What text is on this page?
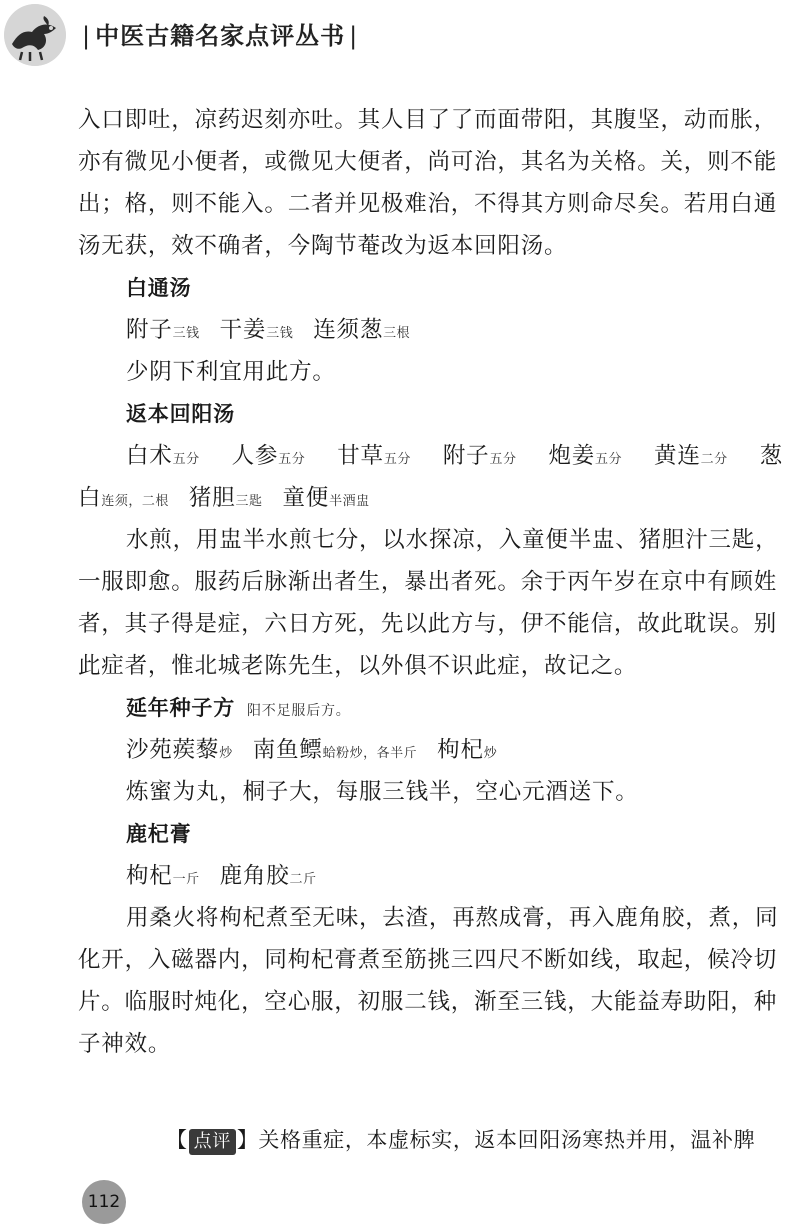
| 中医古籍名家点评丛书 |
入口即吐，凉药迟刻亦吐。其人目了了而面带阳，其腹坚，动而胀，
亦有微见小便者，或微见大便者，尚可治，其名为关格。关，则不能
出；格，则不能入。二者并见极难治，不得其方则命尽矣。若用白通
汤无获，效不确者，今陶节菴改为返本回阳汤。
白通汤
附子三钱 干姜三钱 连须葱三根
少阴下利宜用此方。
返本回阳汤
白术五分 人参五分 甘草五分 附子五分 炮姜五分 黄连二分 葱
白连须，二根 猪胆三匙 童便半酒盅
水煎，用盅半水煎七分，以水探凉，入童便半盅、猪胆汁三匙，
一服即愈。服药后脉渐出者生，暴出者死。余于丙午岁在京中有顾姓
者，其子得是症，六日方死，先以此方与，伊不能信，故此耽误。别
此症者，惟北城老陈先生，以外俱不识此症，故记之。
延年种子方 阳不足服后方。
沙苑蒺藜炒 南鱼鳔蛤粉炒，各半斤 枸杞炒
炼蜜为丸，桐子大，每服三钱半，空心元酒送下。
鹿杞膏
枸杞一斤 鹿角胶二斤
用桑火将枸杞煮至无味，去渣，再熬成膏，再入鹿角胶，煮，同
化开，入磁器内，同枸杞膏煮至筋挑三四尺不断如线，取起，候冷切
片。临服时炖化，空心服，初服二钱，渐至三钱，大能益寿助阳，种
子神效。
【 点评 】关格重症，本虚标实，返本回阳汤寒热并用，温补脾
112
